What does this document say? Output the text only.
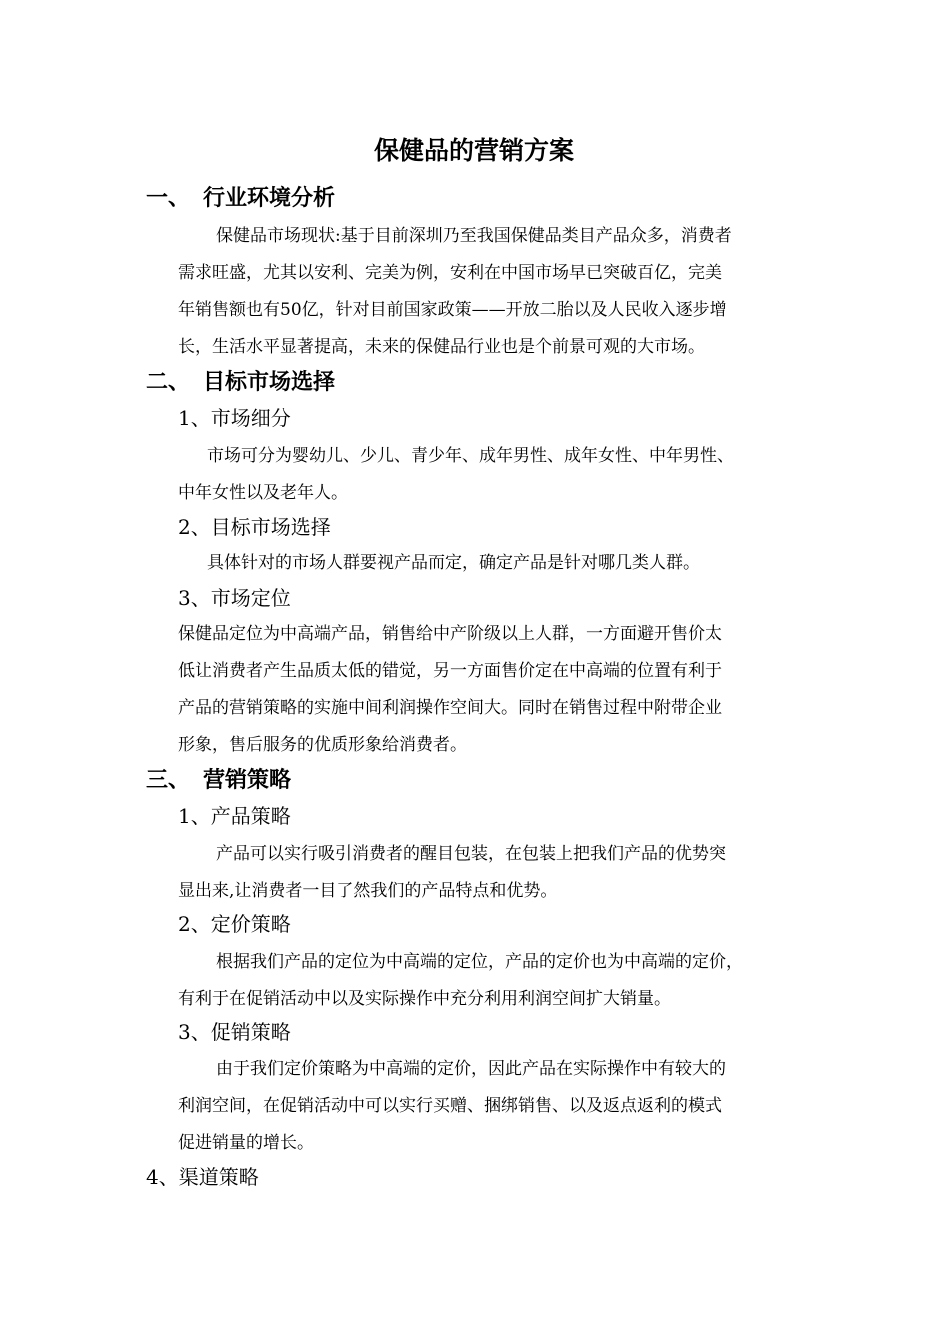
保健品的营销方案
一、 行业环境分析
保健品市场现状:基于目前深圳乃至我国保健品类目产品众多，消费者
需求旺盛，尤其以安利、完美为例，安利在中国市场早已突破百亿，完美
年销售额也有50亿，针对目前国家政策——开放二胎以及人民收入逐步增
长，生活水平显著提高，未来的保健品行业也是个前景可观的大市场。
二、 目标市场选择
1、市场细分
市场可分为婴幼儿、少儿、青少年、成年男性、成年女性、中年男性、
中年女性以及老年人。
2、目标市场选择
具体针对的市场人群要视产品而定，确定产品是针对哪几类人群。
3、市场定位
保健品定位为中高端产品，销售给中产阶级以上人群，一方面避开售价太
低让消费者产生品质太低的错觉，另一方面售价定在中高端的位置有利于
产品的营销策略的实施中间利润操作空间大。同时在销售过程中附带企业
形象，售后服务的优质形象给消费者。
三、 营销策略
1、产品策略
产品可以实行吸引消费者的醒目包装，在包装上把我们产品的优势突
显出来,让消费者一目了然我们的产品特点和优势。
2、定价策略
根据我们产品的定位为中高端的定位，产品的定价也为中高端的定价，
有利于在促销活动中以及实际操作中充分利用利润空间扩大销量。
3、促销策略
由于我们定价策略为中高端的定价，因此产品在实际操作中有较大的
利润空间，在促销活动中可以实行买赠、捆绑销售、以及返点返利的模式
促进销量的增长。
4、渠道策略
